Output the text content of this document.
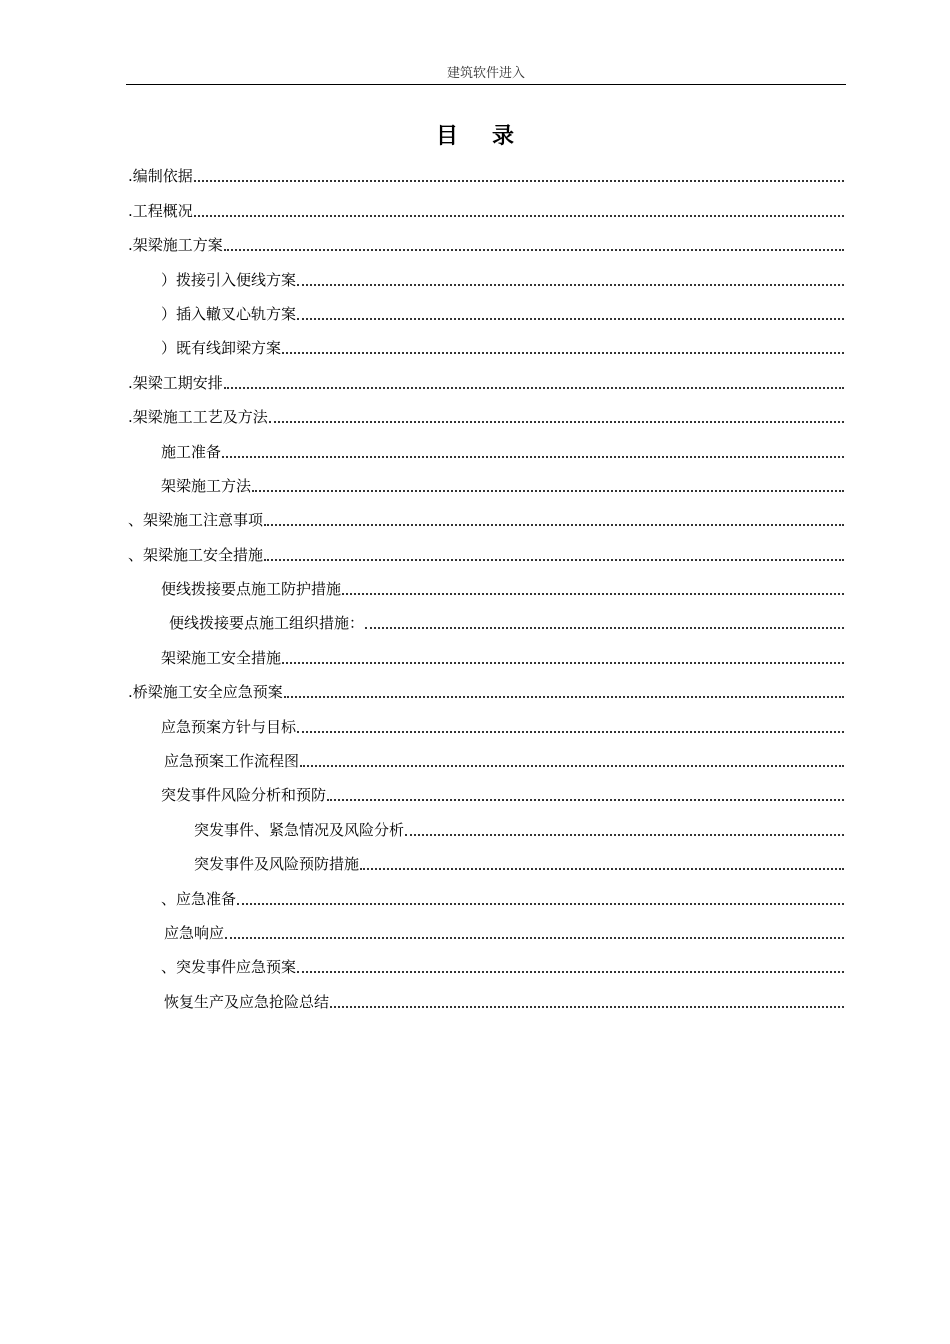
建筑软件进入
目录
.编制依据
.工程概况
.架梁施工方案
）拨接引入便线方案
）插入轍叉心轨方案
）既有线卸梁方案
.架梁工期安排
.架梁施工工艺及方法
施工准备
架梁施工方法
、架梁施工注意事项
、架梁施工安全措施
便线拨接要点施工防护措施
便线拨接要点施工组织措施：
架梁施工安全措施
.桥梁施工安全应急预案
应急预案方针与目标
应急预案工作流程图
突发事件风险分析和预防
突发事件、紧急情况及风险分析
突发事件及风险预防措施
、应急准备
应急响应
、突发事件应急预案
恢复生产及应急抢险总结
